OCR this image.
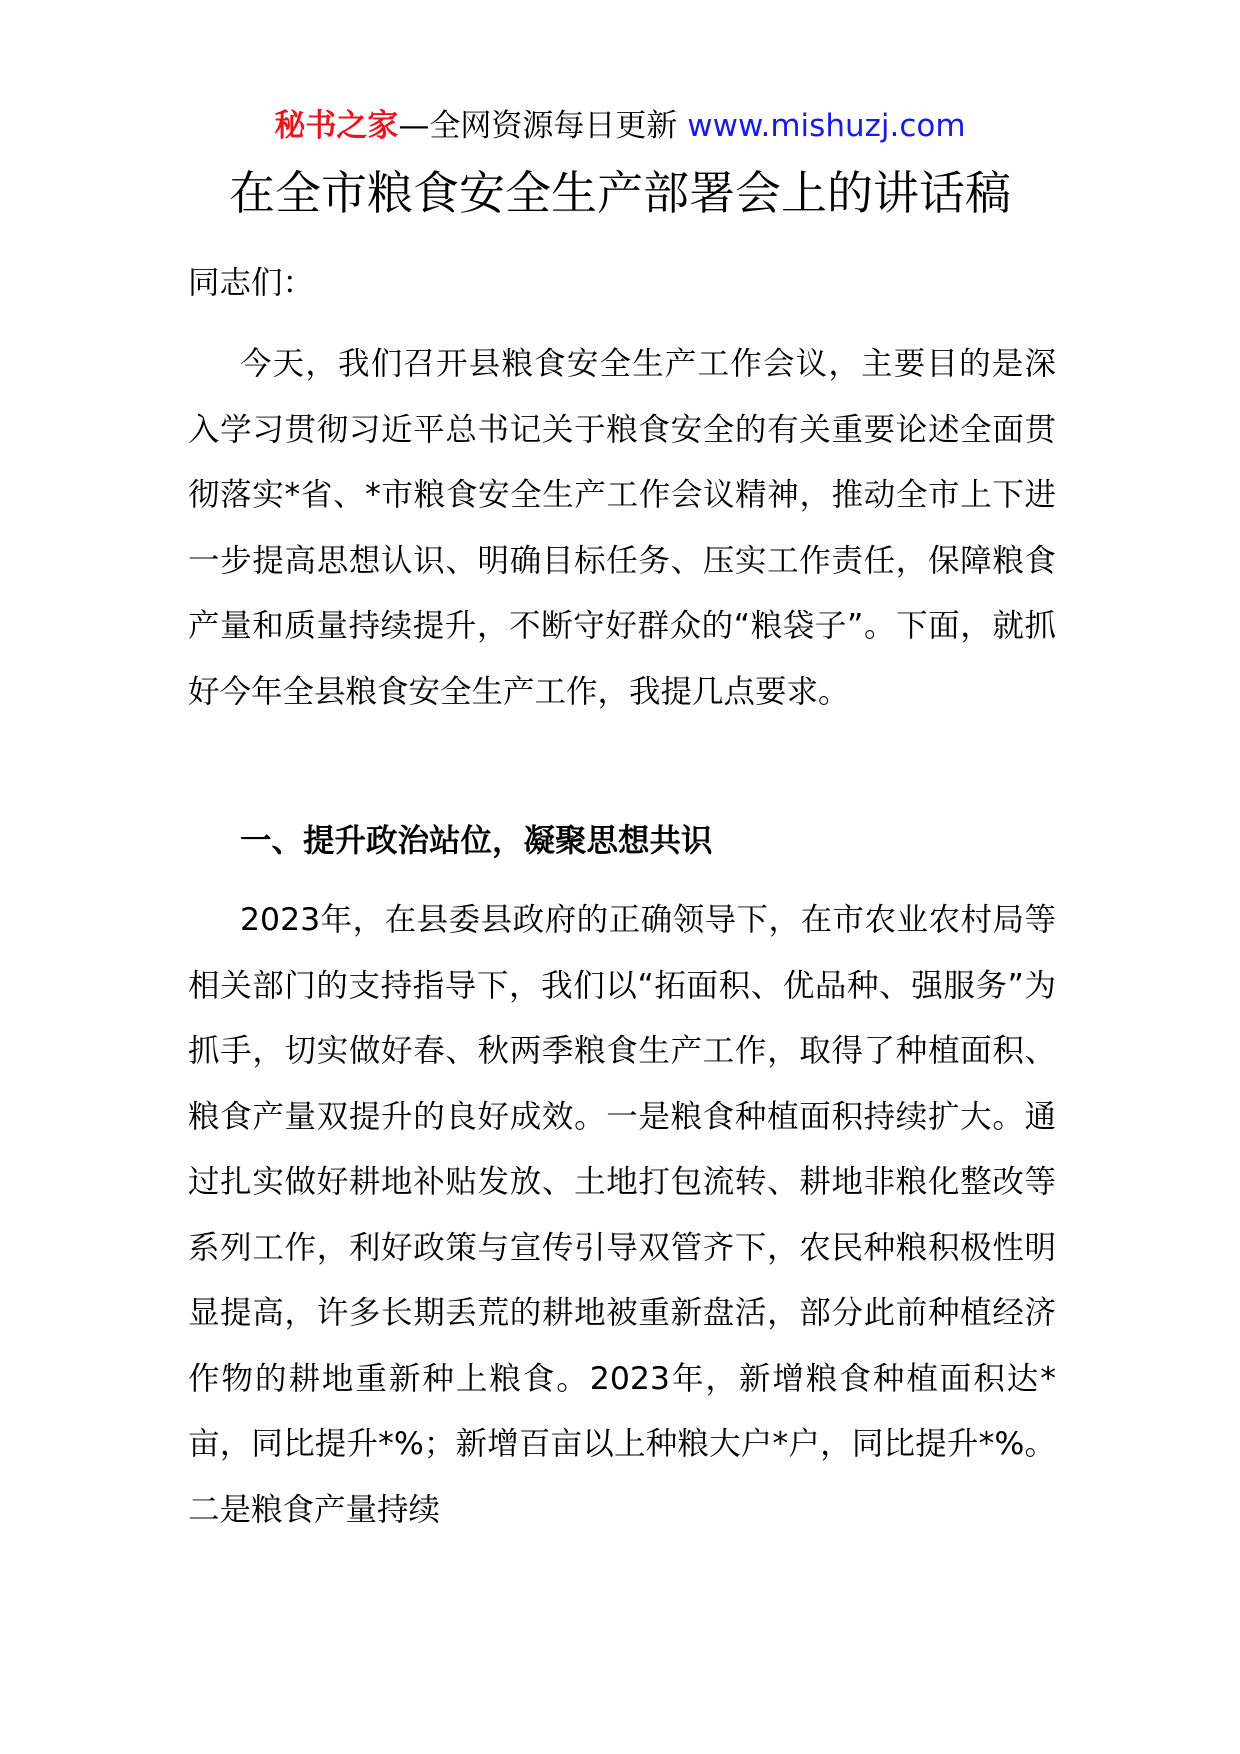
秘书之家—全网资源每日更新 www.mishuzj.com
在全市粮食安全生产部署会上的讲话稿

同志们：

今天，我们召开县粮食安全生产工作会议，主要目的是深入学习贯彻习近平总书记关于粮食安全的有关重要论述全面贯彻落实*省、*市粮食安全生产工作会议精神，推动全市上下进一步提高思想认识、明确目标任务、压实工作责任，保障粮食产量和质量持续提升，不断守好群众的“粮袋子”。下面，就抓好今年全县粮食安全生产工作，我提几点要求。

一、提升政治站位，凝聚思想共识

2023年，在县委县政府的正确领导下，在市农业农村局等相关部门的支持指导下，我们以“拓面积、优品种、强服务”为抓手，切实做好春、秋两季粮食生产工作，取得了种植面积、粮食产量双提升的良好成效。一是粮食种植面积持续扩大。通过扎实做好耕地补贴发放、土地打包流转、耕地非粮化整改等系列工作，利好政策与宣传引导双管齐下，农民种粮积极性明显提高，许多长期丢荒的耕地被重新盘活，部分此前种植经济作物的耕地重新种上粮食。2023年，新增粮食种植面积达*亩，同比提升*%；新增百亩以上种粮大户*户，同比提升*%。二是粮食产量持续
